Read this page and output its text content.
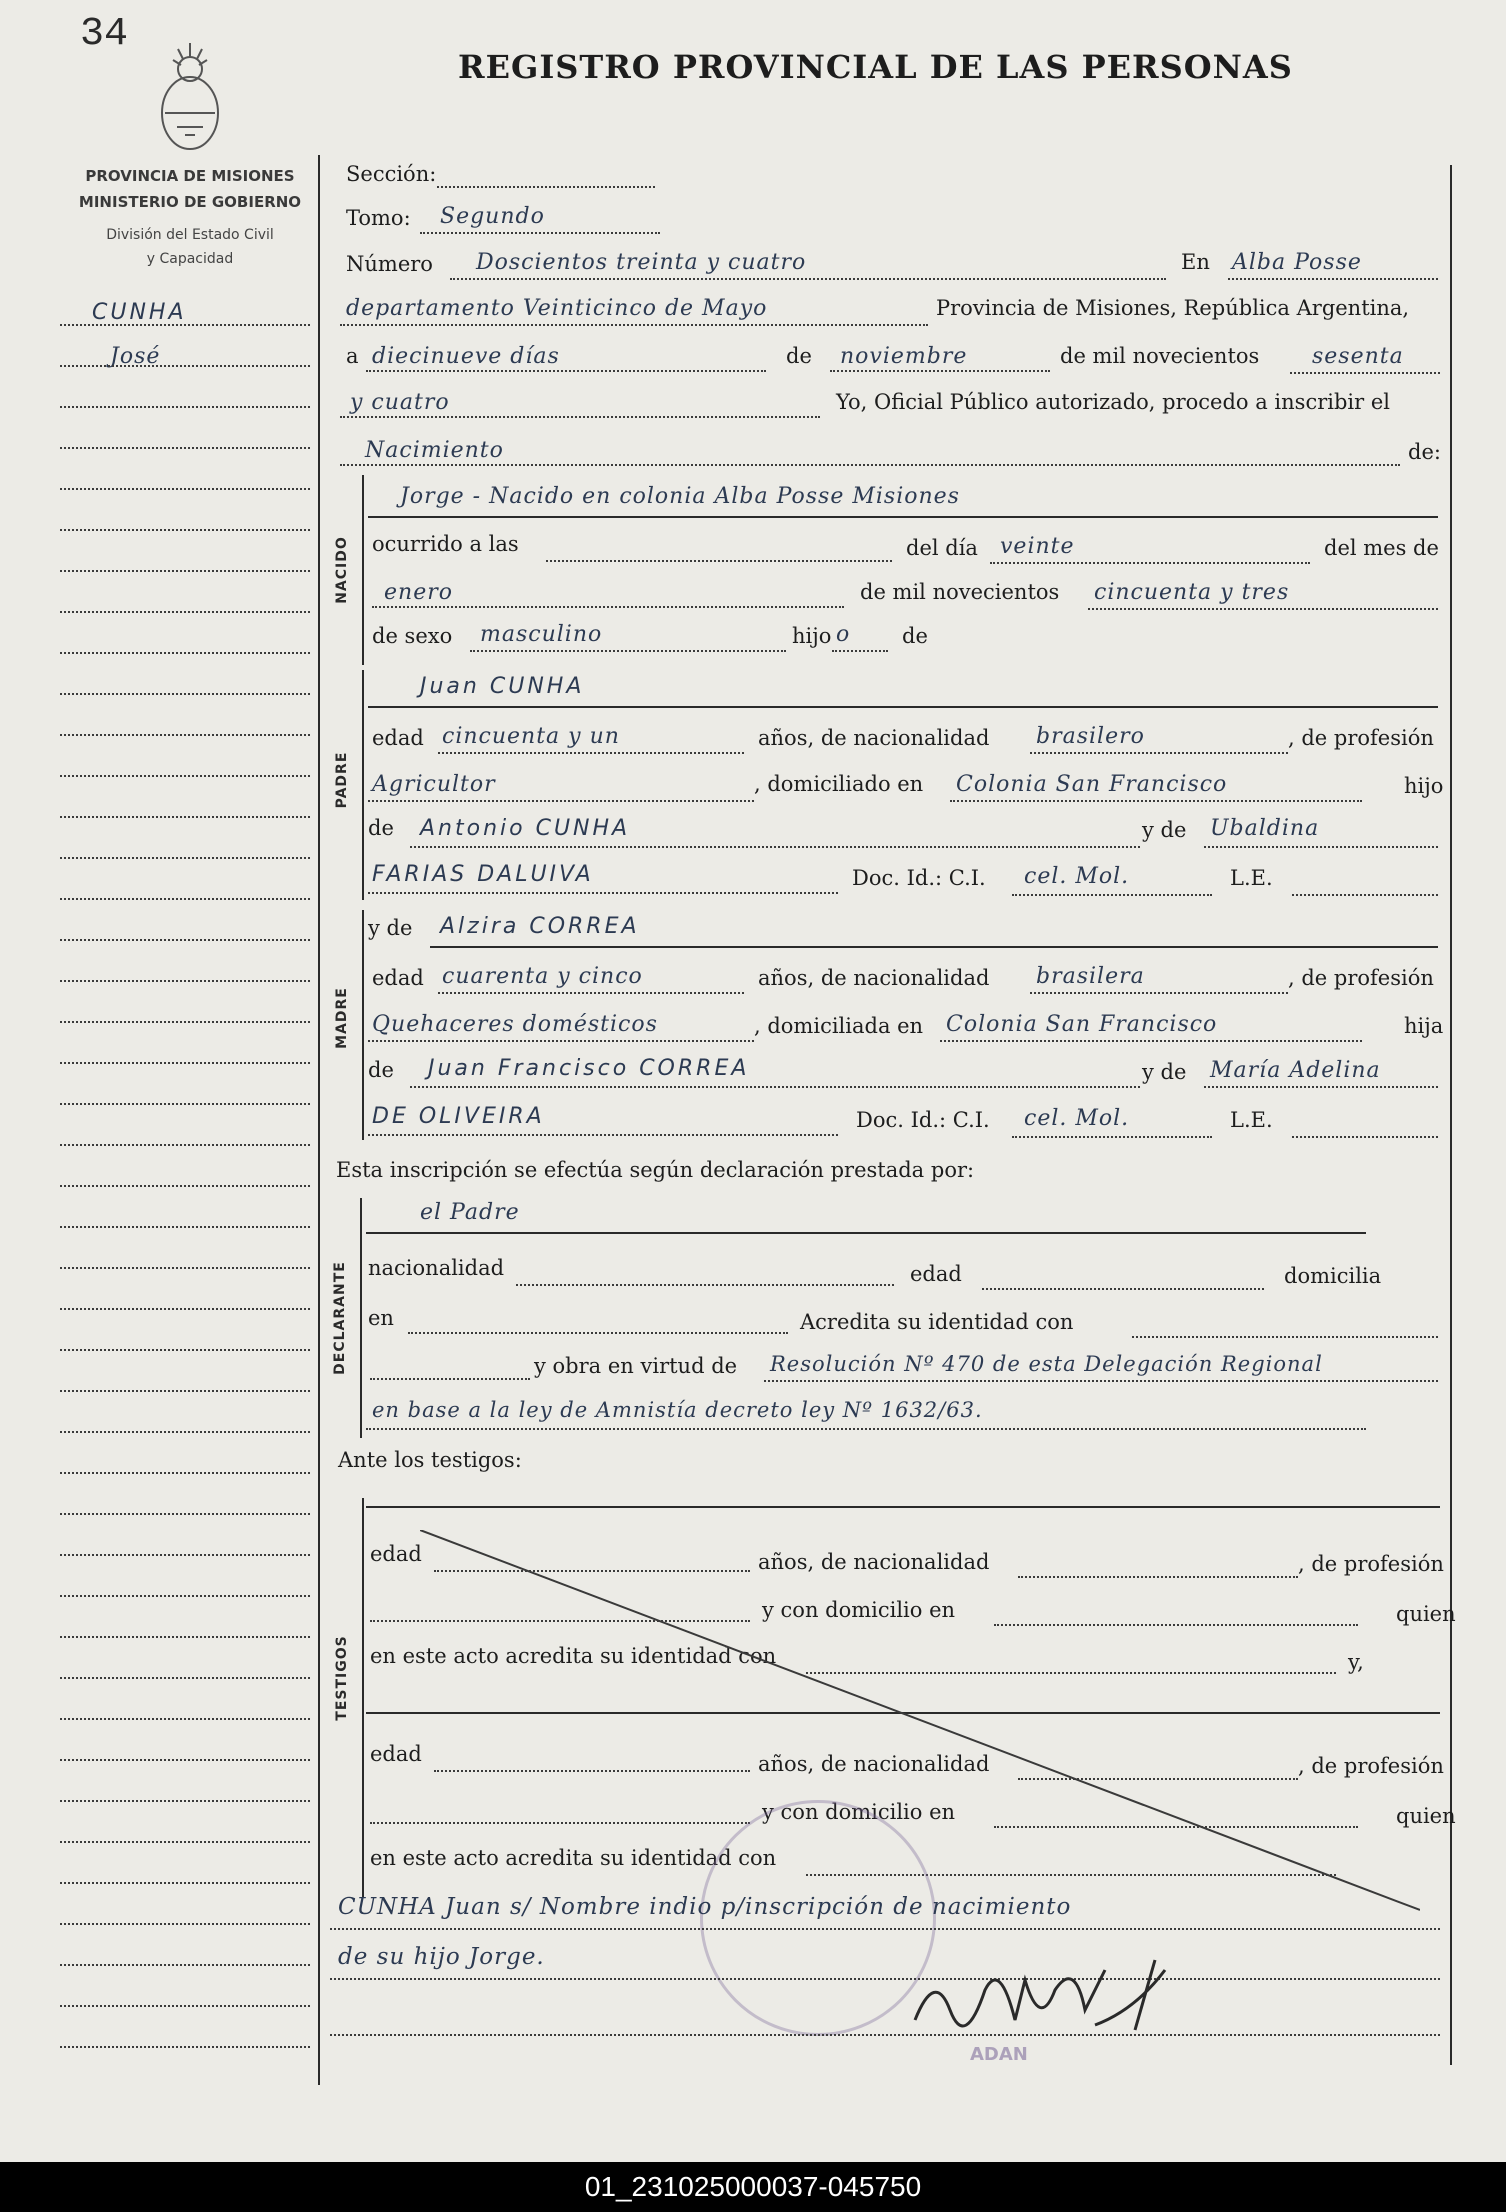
34
REGISTRO PROVINCIAL DE LAS PERSONAS
PROVINCIA DE MISIONES
MINISTERIO DE GOBIERNO
División del Estado Civil
y Capacidad
CUNHA
José
Sección:
Tomo: Segundo
Número Doscientos treinta y cuatro	En Alba Posse
departamento Veinticinco de Mayo	Provincia de Misiones, República Argentina,
a diecinueve días	de noviembre	de mil novecientos sesenta
y cuatro	Yo, Oficial Público autorizado, procedo a inscribir el
Nacimiento	de:
NACIDO
Jorge - Nacido en colonia Alba Posse Misiones
ocurrido a las	del día veinte	del mes de
enero	de mil novecientos cincuenta y tres
de sexo masculino	hijo o de
PADRE
Juan CUNHA
edad cincuenta y un	años, de nacionalidad brasilero	, de profesión
Agricultor	, domiciliado en Colonia San Francisco	hijo
de Antonio CUNHA	y de Ubaldina
FARIAS DALUIVA	Doc. Id.: C.I. cel. Mol.	L.E.
MADRE
y de Alzira CORREA
edad cuarenta y cinco	años, de nacionalidad brasilera	, de profesión
Quehaceres domésticos	, domiciliada en Colonia San Francisco	hija
de Juan Francisco CORREA	y de María Adelina
DE OLIVEIRA	Doc. Id.: C.I. cel. Mol.	L.E.
Esta inscripción se efectúa según declaración prestada por:
DECLARANTE
el Padre
nacionalidad	edad	domicilia
en	Acredita su identidad con
y obra en virtud de Resolución Nº 470 de esta Delegación Regional
en base a la ley de Amnistía decreto ley Nº 1632/63.
Ante los testigos:
TESTIGOS
edad	años, de nacionalidad	, de profesión
y con domicilio en	quien
en este acto acredita su identidad con	y,
edad	años, de nacionalidad	, de profesión
y con domicilio en	quien
en este acto acredita su identidad con
ADAN
CUNHA Juan s/ Nombre indio p/inscripción de nacimiento
de su hijo Jorge.
01_231025000037-045750
